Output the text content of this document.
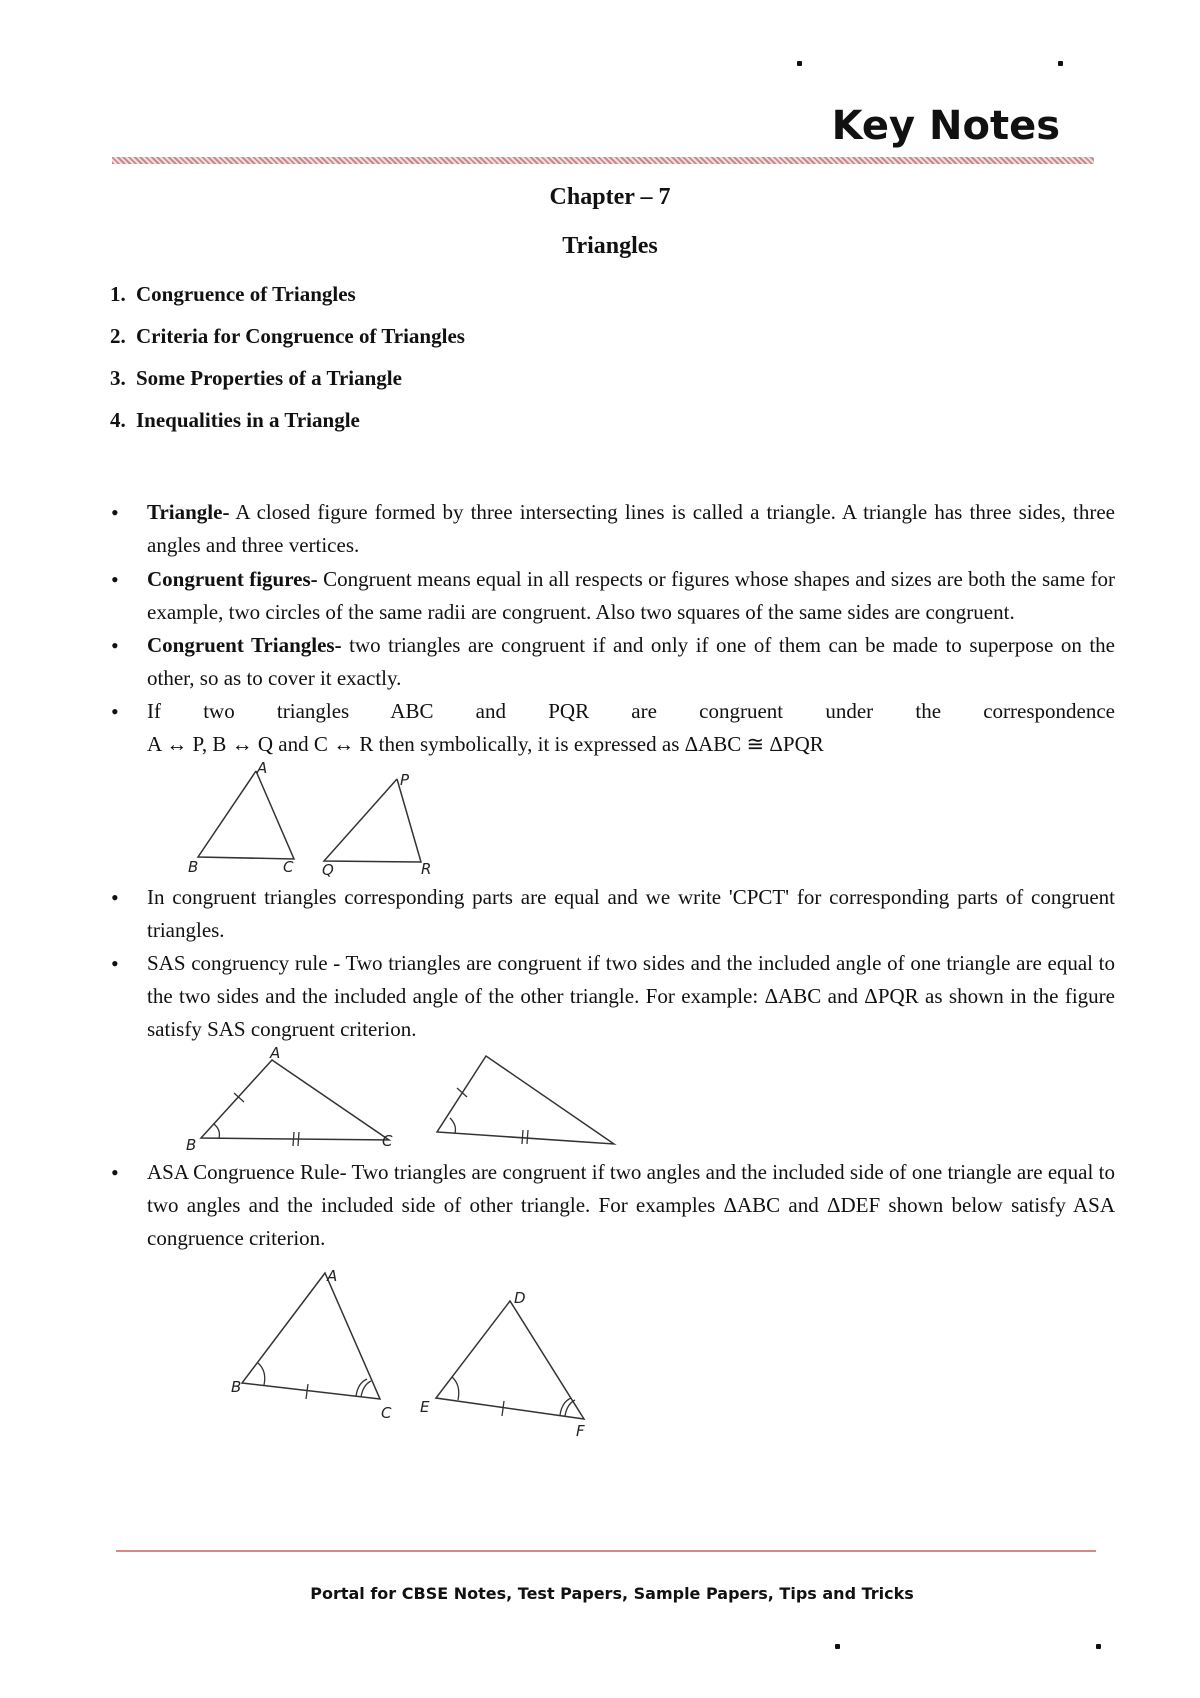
Key Notes
Chapter – 7
Triangles
1. Congruence of Triangles
2. Criteria for Congruence of Triangles
3. Some Properties of a Triangle
4. Inequalities in a Triangle
• Triangle- A closed figure formed by three intersecting lines is called a triangle. A triangle has three sides, three angles and three vertices.
• Congruent figures- Congruent means equal in all respects or figures whose shapes and sizes are both the same for example, two circles of the same radii are congruent. Also two squares of the same sides are congruent.
• Congruent Triangles- two triangles are congruent if and only if one of them can be made to superpose on the other, so as to cover it exactly.
• If two triangles ABC and PQR are congruent under the correspondence
A ↔ P, B ↔ Q and C ↔ R then symbolically, it is expressed as ΔABC ≅ ΔPQR
A
B	C
P
Q	R
• In congruent triangles corresponding parts are equal and we write 'CPCT' for corresponding parts of congruent triangles.
• SAS congruency rule - Two triangles are congruent if two sides and the included angle of one triangle are equal to the two sides and the included angle of the other triangle. For example: ΔABC and ΔPQR as shown in the figure satisfy SAS congruent criterion.
A
B	C
• ASA Congruence Rule- Two triangles are congruent if two angles and the included side of one triangle are equal to two angles and the included side of other triangle. For examples ΔABC and ΔDEF shown below satisfy ASA congruence criterion.
A
B
C
D
E
F
Portal for CBSE Notes, Test Papers, Sample Papers, Tips and Tricks
